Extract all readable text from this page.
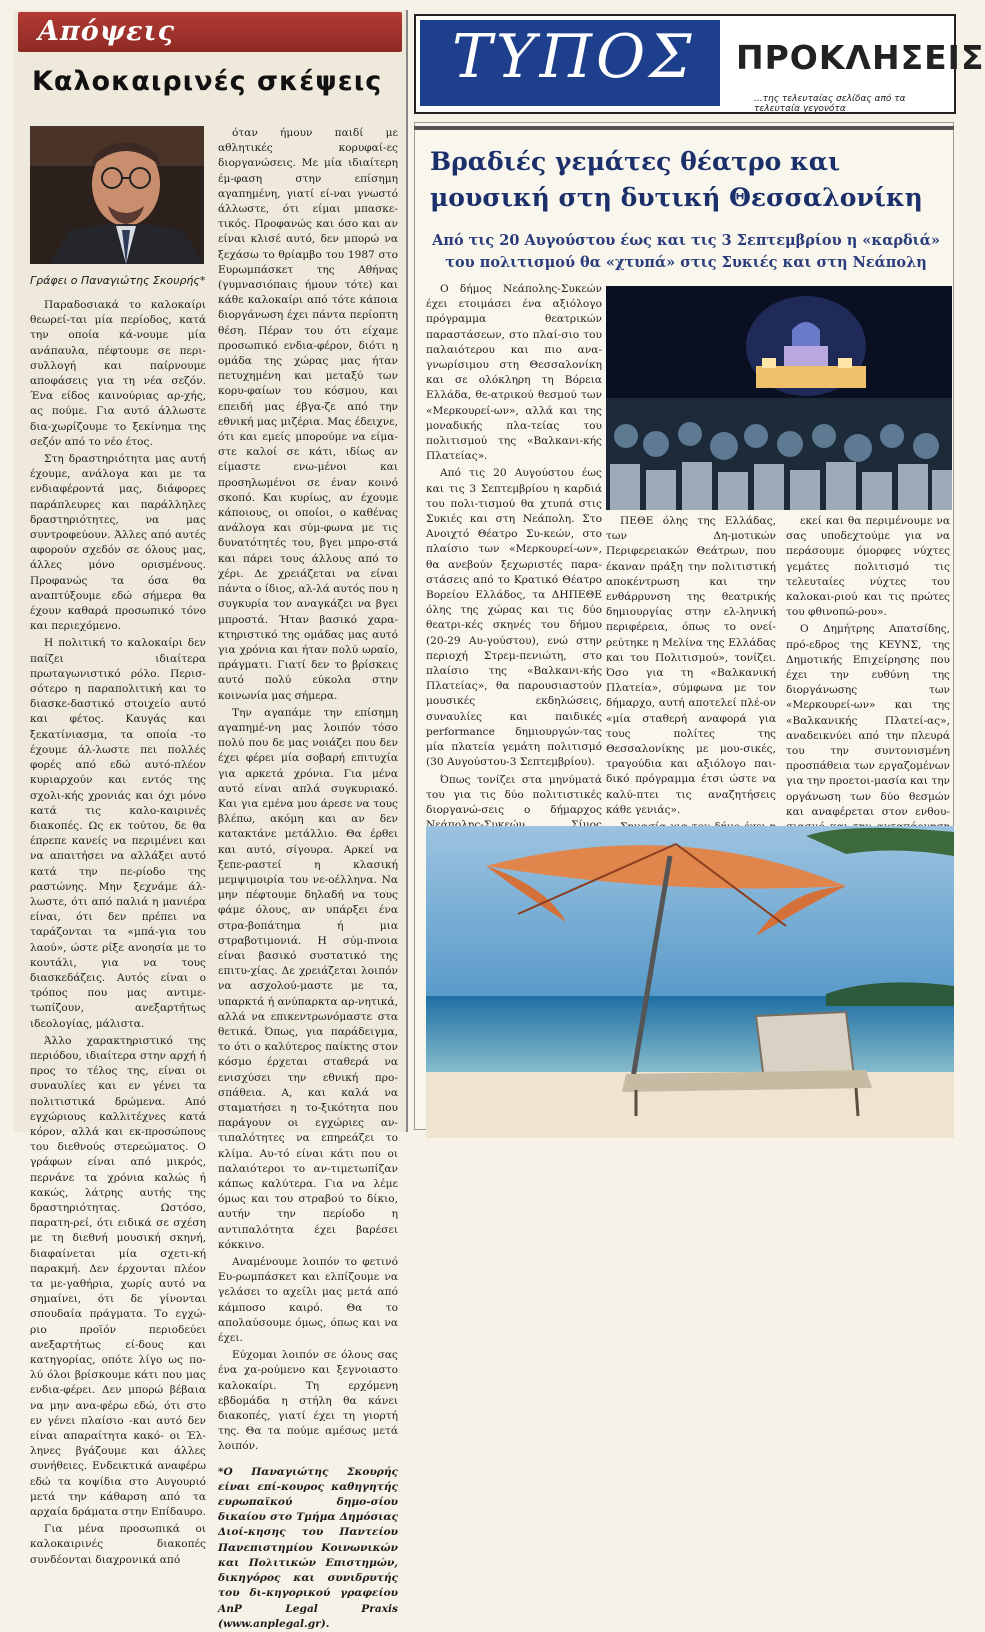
Απόψεις
Καλοκαιρινές σκέψεις
Γράφει ο Παναγιώτης Σκουρής*

Παραδοσιακά το καλοκαίρι θεωρεί-ται μία περίοδος, κατά την οποία κά-νουμε μία ανάπαυλα, πέφτουμε σε περι-συλλογή και παίρνουμε αποφάσεις για τη νέα σεζόν. Ένα είδος καινούριας αρ-χής, ας πούμε. Για αυτό άλλωστε δια-χωρίζουμε το ξεκίνημα της σεζόν από το νέο έτος.

Στη δραστηριότητα μας αυτή έχουμε, ανάλογα και με τα ενδιαφέροντά μας, διάφορες παράπλευρες και παράλληλες δραστηριότητες, να μας συντροφεύουν. Άλλες από αυτές αφορούν σχεδόν σε όλους μας, άλλες μόνο ορισμένους. Προφανώς τα όσα θα αναπτύξουμε εδώ σήμερα θα έχουν καθαρά προσωπικό τόνο και περιεχόμενο.

Η πολιτική το καλοκαίρι δεν παίζει ιδιαίτερα πρωταγωνιστικό ρόλο. Περισ-σότερο η παραπολιτική και το διασκε-δαστικό στοιχείο αυτό και φέτος. Καυγάς και ξεκατίνιασμα, τα οποία -το έχουμε άλ-λωστε πει πολλές φορές από εδώ αυτό-πλέον κυριαρχούν και εντός της σχολι-κής χρονιάς και όχι μόνο κατά τις καλο-καιρινές διακοπές. Ως εκ τούτου, δε θα έπρεπε κανείς να περιμένει και να απαιτήσει να αλλάξει αυτό κατά την πε-ρίοδο της ραστώνης. Μην ξεχνάμε άλ-λωστε, ότι από παλιά η μανιέρα είναι, ότι δεν πρέπει να ταράζονται τα «μπά-για του λαού», ώστε ρίξε ανοησία με το κουτάλι, για να τους διασκεδάζεις. Αυτός είναι ο τρόπος που μας αντιμε-τωπίζουν, ανεξαρτήτως ιδεολογίας, μάλιστα.

Άλλο χαρακτηριστικό της περιόδου, ιδιαίτερα στην αρχή ή προς το τέλος της, είναι οι συναυλίες και εν γένει τα πολιτιστικά δρώμενα. Από εγχώριους καλλιτέχνες κατά κόρον, αλλά και εκ-προσώπους του διεθνούς στερεώματος. Ο γράφων είναι από μικρός, περνάνε τα χρόνια καλώς ή κακώς, λάτρης αυτής της δραστηριότητας. Ωστόσο, παρατη-ρεί, ότι ειδικά σε σχέση με τη διεθνή μουσική σκηνή, διαφαίνεται μία σχετι-κή παρακμή. Δεν έρχονται πλέον τα με-γαθήρια, χωρίς αυτό να σημαίνει, ότι δε γίνονται σπουδαία πράγματα. Το εγχώ-ριο προϊόν περιοδεύει ανεξαρτήτως εί-δους και κατηγορίας, οπότε λίγο ως πο-λύ όλοι βρίσκουμε κάτι που μας ενδια-φέρει. Δεν μπορώ βέβαια να μην ανα-φέρω εδώ, ότι στο εν γένει πλαίσιο -και αυτό δεν είναι απαραίτητα κακό- οι Έλ-ληνες βγάζουμε και άλλες συνήθειες. Ενδεικτικά αναφέρω εδώ τα κοψίδια στο Αυγουριό μετά την κάθαρση από τα αρχαία δράματα στην Επίδαυρο.

Για μένα προσωπικά οι καλοκαιρινές διακοπές συνδέονται διαχρονικά από

όταν ήμουν παιδί με αθλητικές κορυφαί-ες διοργανώσεις. Με μία ιδιαίτερη έμ-φαση στην επίσημη αγαπημένη, γιατί εί-ναι γνωστό άλλωστε, ότι είμαι μπασκε-τικός. Προφανώς και όσο και αν είναι κλισέ αυτό, δεν μπορώ να ξεχάσω το θρίαμβο του 1987 στο Ευρωμπάσκετ της Αθήνας (γυμνασιόπαις ήμουν τότε) και κάθε καλοκαίρι από τότε κάποια διοργάνωση έχει πάντα περίοπτη θέση. Πέραν του ότι είχαμε προσωπικό ενδια-φέρον, διότι η ομάδα της χώρας μας ήταν πετυχημένη και μεταξύ των κορυ-φαίων του κόσμου, και επειδή μας έβγα-ζε από την εθνική μας μιζέρια. Μας έδειχνε, ότι και εμείς μπορούμε να είμα-στε καλοί σε κάτι, ιδίως αν είμαστε ενω-μένοι και προσηλωμένοι σε έναν κοινό σκοπό. Και κυρίως, αν έχουμε κάποιους, οι οποίοι, ο καθένας ανάλογα και σύμ-φωνα με τις δυνατότητές του, βγει μπρο-στά και πάρει τους άλλους από το χέρι. Δε χρειάζεται να είναι πάντα ο ίδιος, αλ-λά αυτός που η συγκυρία τον αναγκάζει να βγει μπροστά. Ήταν βασικό χαρα-κτηριστικό της ομάδας μας αυτό για χρόνια και ήταν πολύ ωραίο, πράγματι. Γιατί δεν το βρίσκεις αυτό πολύ εύκολα στην κοινωνία μας σήμερα.

Την αγαπάμε την επίσημη αγαπημέ-νη μας λοιπόν τόσο πολύ που δε μας νοιάζει που δεν έχει φέρει μία σοβαρή επιτυχία για αρκετά χρόνια. Για μένα αυτό είναι απλά συγκυριακό. Και για εμένα μου άρεσε να τους βλέπω, ακόμη και αν δεν κατακτάνε μετάλλιο. Θα έρθει και αυτό, σίγουρα. Αρκεί να ξεπε-ραστεί η κλασική μεμψιμοιρία του νε-οέλληνα. Να μην πέφτουμε δηλαδή να τους φάμε όλους, αν υπάρξει ένα στρα-βοπάτημα ή μια στραβοτιμονιά. Η σύμ-πνοια είναι βασικό συστατικό της επιτυ-χίας. Δε χρειάζεται λοιπόν να ασχολού-μαστε με τα, υπαρκτά ή ανύπαρκτα αρ-νητικά, αλλά να επικεντρωνόμαστε στα θετικά. Όπως, για παράδειγμα, το ότι ο καλύτερος παίκτης στον κόσμο έρχεται σταθερά να ενισχύσει την εθνική προ-σπάθεια. Α, και καλά να σταματήσει η το-ξικότητα που παράγουν οι εγχώριες αν-τιπαλότητες να επηρεάζει το κλίμα. Αυ-τό είναι κάτι που οι παλαιότεροι το αν-τιμετωπίζαν κάπως καλύτερα. Για να λέμε όμως και του στραβού το δίκιο, αυτήν την περίοδο η αντιπαλότητα έχει βαρέσει κόκκινο.

Αναμένουμε λοιπόν το φετινό Ευ-ρωμπάσκετ και ελπίζουμε να γελάσει το αχείλι μας μετά από κάμποσο καιρό. Θα το απολαύσουμε όμως, όπως και να έχει.

Εύχομαι λοιπόν σε όλους σας ένα χα-ρούμενο και ξεγνοιαστο καλοκαίρι. Τη ερχόμενη εβδομάδα η στήλη θα κάνει διακοπές, γιατί έχει τη γιορτή της. Θα τα πούμε αμέσως μετά λοιπόν.

*Ο Παναγιώτης Σκουρής είναι επί-κουρος καθηγητής ευρωπαϊκού δημο-σίου δικαίου στο Τμήμα Δημόσιας Διοί-κησης του Παντείου Πανεπιστημίου Κοινωνικών και Πολιτικών Επιστημών, δικηγόρος και συνιδρυτής του δι-κηγορικού γραφείου AnP Legal Praxis (www.anplegal.gr).

ΤΥΠΟΣ ΠΡΟΚΛΗΣΕΙΣ
...της τελευταίας σελίδας από τα τελευταία γεγονότα
Βραδιές γεμάτες θέατρο και μουσική στη δυτική Θεσσαλονίκη
Από τις 20 Αυγούστου έως και τις 3 Σεπτεμβρίου η «καρδιά» του πολιτισμού θα «χτυπά» στις Συκιές και στη Νεάπολη

Ο δήμος Νεάπολης-Συκεών έχει ετοιμάσει ένα αξιόλογο πρόγραμμα θεατρικών παραστάσεων, στο πλαί-σιο του παλαιότερου και πιο ανα-γνωρίσιμου στη Θεσσαλονίκη και σε ολόκληρη τη Βόρεια Ελλάδα, θε-ατρικού θεσμού των «Μερκουρεί-ων», αλλά και της μοναδικής πλα-τείας του πολιτισμού της «Βαλκανι-κής Πλατείας».

Από τις 20 Αυγούστου έως και τις 3 Σεπτεμβρίου η καρδιά του πολι-τισμού θα χτυπά στις Συκιές και στη Νεάπολη. Στο Ανοιχτό Θέατρο Συ-κεών, στο πλαίσιο των «Μερκουρεί-ων», θα ανεβούν ξεχωριστές παρα-στάσεις από το Κρατικό Θέατρο Βορείου Ελλάδος, τα ΔΗΠΕΘΕ όλης της χώρας και τις δύο θεατρι-κές σκηνές του δήμου (20-29 Αυ-γούστου), ενώ στην περιοχή Στρεμ-πενιώτη, στο πλαίσιο της «Βαλκανι-κής Πλατείας», θα παρουσιαστούν μουσικές εκδηλώσεις, συναυλίες και παιδικές performance δημιουργών-τας μία πλατεία γεμάτη πολιτισμό (30 Αυγούστου-3 Σεπτεμβρίου).

Όπως τονίζει στα μηνύματά του για τις δύο πολιτιστικές διοργανώ-σεις ο δήμαρχος

ΠΕΘΕ όλης της Ελλάδας, των Δη-μοτικών Περιφερειακών Θεάτρων, που έκαναν πράξη την πολιτιστική αποκέντρωση και την ενθάρρυνση της θεατρικής δημιουργίας στην ελ-ληνική περιφέρεια, όπως το ονεί-ρεύτηκε η Μελίνα της Ελλάδας και του Πολιτισμού», τονίζει. Όσο για τη «Βαλκανική Πλατεία», σύμφωνα με τον δήμαρχο, αυτή αποτελεί πλέ-ον «μία σταθερή αναφορά για τους πολίτες της Θεσσαλονίκης με μου-σικές, τραγούδια και αξιόλογο παι-δικό πρόγραμμα έτσι ώστε να καλύ-πτει τις αναζητήσεις κάθε γενιάς».

εκεί και θα περιμένουμε να σας υποδεχτούμε για να περάσουμε όμορφες νύχτες γεμάτες πολιτισμό τις τελευταίες νύχτες του καλοκαι-ριού και τις πρώτες του φθινοπώ-ρου».

Ο Δημήτρης Απατσίδης, πρό-εδρος της ΚΕΥΝΣ, της Δημοτικής Επιχείρησης που έχει την ευθύνη της διοργάνωσης των «Μερκουρεί-ων» και της «Βαλκανικής Πλατεί-ας», αναδεικνύει από την πλευρά του την συντονισμένη προσπάθεια των εργαζομένων για την προετοι-μασία και την οργάνωση των δύο θεσμών και αναφέρεται στον ενθου-
